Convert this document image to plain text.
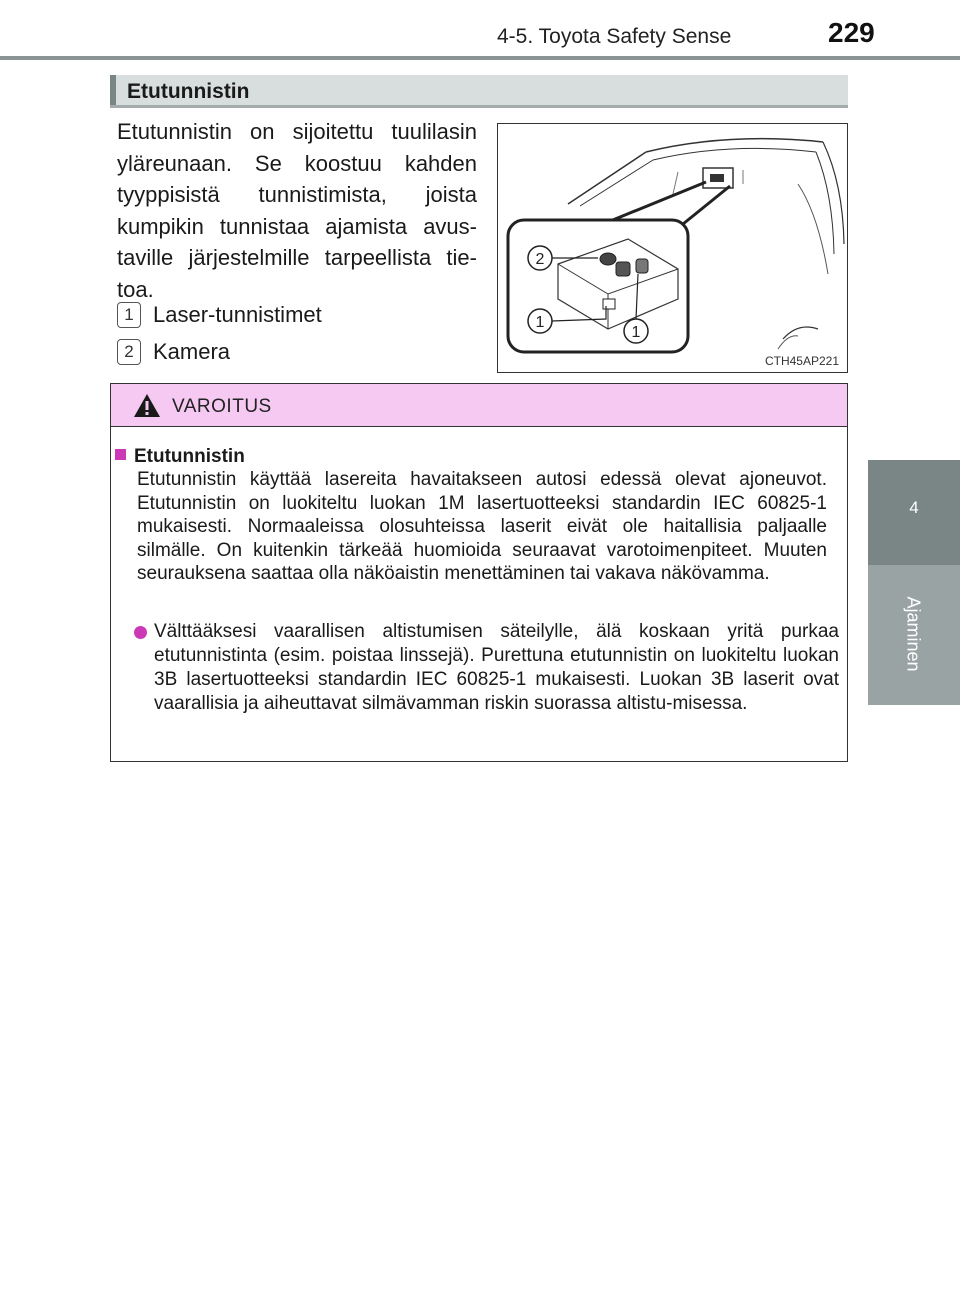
4-5. Toyota Safety Sense	229
4
Ajaminen
Etutunnistin
Etutunnistin on sijoitettu tuulilasin yläreunaan. Se koostuu kahden tyyppisistä tunnistimista, joista kumpikin tunnistaa ajamista avus-taville järjestelmille tarpeellista tie-toa.
1 Laser-tunnistimet
2 Kamera
2
1
1
CTH45AP221
VAROITUS
Etutunnistin
Etutunnistin käyttää lasereita havaitakseen autosi edessä olevat ajoneuvot. Etutunnistin on luokiteltu luokan 1M lasertuotteeksi standardin IEC 60825-1 mukaisesti. Normaaleissa olosuhteissa laserit eivät ole haitallisia paljaalle silmälle. On kuitenkin tärkeää huomioida seuraavat varotoimenpiteet. Muuten seurauksena saattaa olla näköaistin menettäminen tai vakava näkövamma.
Välttääksesi vaarallisen altistumisen säteilylle, älä koskaan yritä purkaa etutunnistinta (esim. poistaa linssejä). Purettuna etutunnistin on luokiteltu luokan 3B lasertuotteeksi standardin IEC 60825-1 mukaisesti. Luokan 3B laserit ovat vaarallisia ja aiheuttavat silmävamman riskin suorassa altistu-misessa.
